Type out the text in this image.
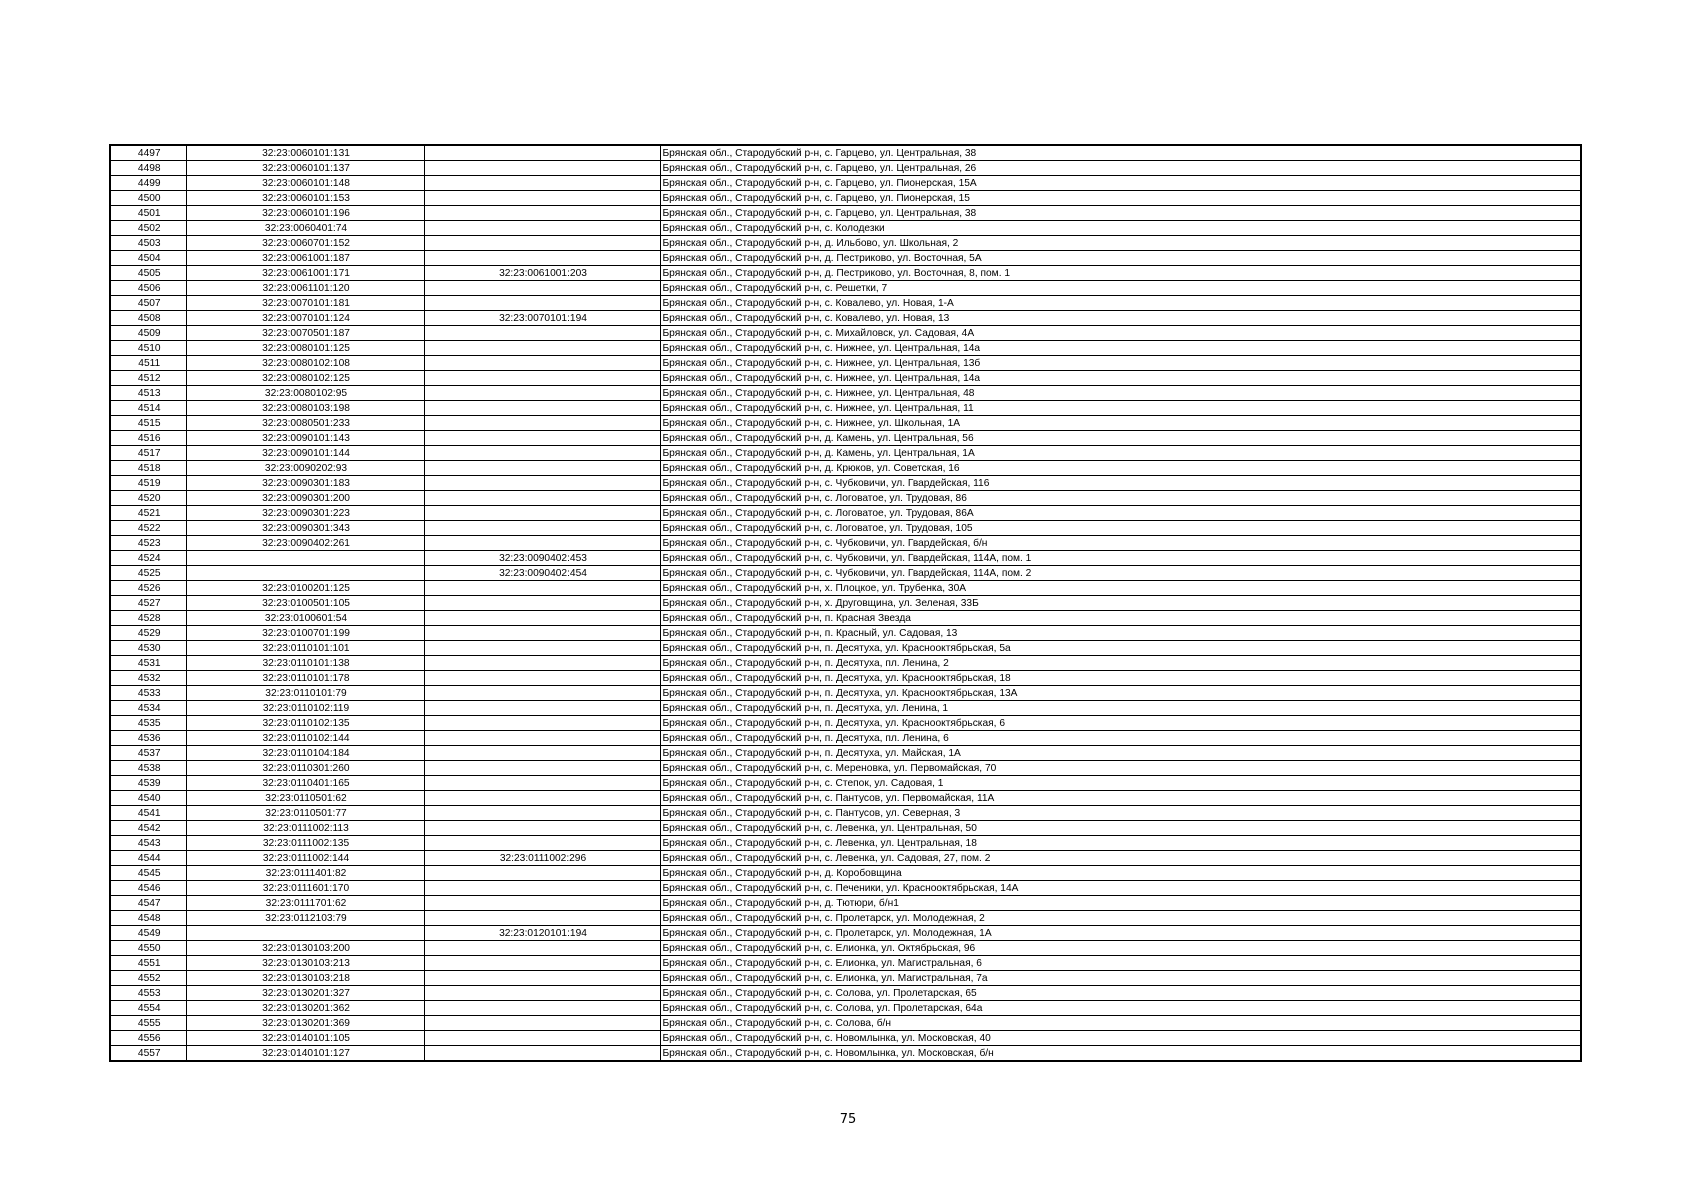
4497	32:23:0060101:131		Брянская обл., Стародубский р-н, с. Гарцево, ул. Центральная, 38
4498	32:23:0060101:137		Брянская обл., Стародубский р-н, с. Гарцево, ул. Центральная, 26
4499	32:23:0060101:148		Брянская обл., Стародубский р-н, с. Гарцево, ул. Пионерская, 15А
4500	32:23:0060101:153		Брянская обл., Стародубский р-н, с. Гарцево, ул. Пионерская, 15
4501	32:23:0060101:196		Брянская обл., Стародубский р-н, с. Гарцево, ул. Центральная, 38
4502	32:23:0060401:74		Брянская обл., Стародубский р-н, с. Колодезки
4503	32:23:0060701:152		Брянская обл., Стародубский р-н, д. Ильбово, ул. Школьная, 2
4504	32:23:0061001:187		Брянская обл., Стародубский р-н, д. Пестриково, ул. Восточная, 5А
4505	32:23:0061001:171	32:23:0061001:203	Брянская обл., Стародубский р-н, д. Пестриково, ул. Восточная, 8, пом. 1
4506	32:23:0061101:120		Брянская обл., Стародубский р-н, с. Решетки, 7
4507	32:23:0070101:181		Брянская обл., Стародубский р-н, с. Ковалево, ул. Новая, 1-А
4508	32:23:0070101:124	32:23:0070101:194	Брянская обл., Стародубский р-н, с. Ковалево, ул. Новая, 13
4509	32:23:0070501:187		Брянская обл., Стародубский р-н, с. Михайловск, ул. Садовая, 4А
4510	32:23:0080101:125		Брянская обл., Стародубский р-н, с. Нижнее, ул. Центральная, 14а
4511	32:23:0080102:108		Брянская обл., Стародубский р-н, с. Нижнее, ул. Центральная, 13б
4512	32:23:0080102:125		Брянская обл., Стародубский р-н, с. Нижнее, ул. Центральная, 14а
4513	32:23:0080102:95		Брянская обл., Стародубский р-н, с. Нижнее, ул. Центральная, 48
4514	32:23:0080103:198		Брянская обл., Стародубский р-н, с. Нижнее, ул. Центральная, 11
4515	32:23:0080501:233		Брянская обл., Стародубский р-н, с. Нижнее, ул. Школьная, 1А
4516	32:23:0090101:143		Брянская обл., Стародубский р-н, д. Камень, ул. Центральная, 56
4517	32:23:0090101:144		Брянская обл., Стародубский р-н, д. Камень, ул. Центральная, 1А
4518	32:23:0090202:93		Брянская обл., Стародубский р-н, д. Крюков, ул. Советская, 16
4519	32:23:0090301:183		Брянская обл., Стародубский р-н, с. Чубковичи, ул. Гвардейская, 116
4520	32:23:0090301:200		Брянская обл., Стародубский р-н, с. Логоватое, ул. Трудовая, 86
4521	32:23:0090301:223		Брянская обл., Стародубский р-н, с. Логоватое, ул. Трудовая, 86А
4522	32:23:0090301:343		Брянская обл., Стародубский р-н, с. Логоватое, ул. Трудовая, 105
4523	32:23:0090402:261		Брянская обл., Стародубский р-н, с. Чубковичи, ул. Гвардейская, б/н
4524		32:23:0090402:453	Брянская обл., Стародубский р-н, с. Чубковичи, ул. Гвардейская, 114А, пом. 1
4525		32:23:0090402:454	Брянская обл., Стародубский р-н, с. Чубковичи, ул. Гвардейская, 114А, пом. 2
4526	32:23:0100201:125		Брянская обл., Стародубский р-н, х. Плоцкое, ул. Трубенка, 30А
4527	32:23:0100501:105		Брянская обл., Стародубский р-н, х. Друговщина, ул. Зеленая, 33Б
4528	32:23:0100601:54		Брянская обл., Стародубский р-н, п. Красная Звезда
4529	32:23:0100701:199		Брянская обл., Стародубский р-н, п. Красный, ул. Садовая, 13
4530	32:23:0110101:101		Брянская обл., Стародубский р-н, п. Десятуха, ул. Краснооктябрьская, 5а
4531	32:23:0110101:138		Брянская обл., Стародубский р-н, п. Десятуха, пл. Ленина, 2
4532	32:23:0110101:178		Брянская обл., Стародубский р-н, п. Десятуха, ул. Краснооктябрьская, 18
4533	32:23:0110101:79		Брянская обл., Стародубский р-н, п. Десятуха, ул. Краснооктябрьская, 13А
4534	32:23:0110102:119		Брянская обл., Стародубский р-н, п. Десятуха, ул. Ленина, 1
4535	32:23:0110102:135		Брянская обл., Стародубский р-н, п. Десятуха, ул. Краснооктябрьская, 6
4536	32:23:0110102:144		Брянская обл., Стародубский р-н, п. Десятуха, пл. Ленина, 6
4537	32:23:0110104:184		Брянская обл., Стародубский р-н, п. Десятуха, ул. Майская, 1А
4538	32:23:0110301:260		Брянская обл., Стародубский р-н, с. Мереновка, ул. Первомайская, 70
4539	32:23:0110401:165		Брянская обл., Стародубский р-н, с. Степок, ул. Садовая, 1
4540	32:23:0110501:62		Брянская обл., Стародубский р-н, с. Пантусов, ул. Первомайская, 11А
4541	32:23:0110501:77		Брянская обл., Стародубский р-н, с. Пантусов, ул. Северная, 3
4542	32:23:0111002:113		Брянская обл., Стародубский р-н, с. Левенка, ул. Центральная, 50
4543	32:23:0111002:135		Брянская обл., Стародубский р-н, с. Левенка, ул. Центральная, 18
4544	32:23:0111002:144	32:23:0111002:296	Брянская обл., Стародубский р-н, с. Левенка, ул. Садовая, 27, пом. 2
4545	32:23:0111401:82		Брянская обл., Стародубский р-н, д. Коробовщина
4546	32:23:0111601:170		Брянская обл., Стародубский р-н, с. Печеники, ул. Краснооктябрьская, 14А
4547	32:23:0111701:62		Брянская обл., Стародубский р-н, д. Тютюри, б/н1
4548	32:23:0112103:79		Брянская обл., Стародубский р-н, с. Пролетарск, ул. Молодежная, 2
4549		32:23:0120101:194	Брянская обл., Стародубский р-н, с. Пролетарск, ул. Молодежная, 1А
4550	32:23:0130103:200		Брянская обл., Стародубский р-н, с. Елионка, ул. Октябрьская, 96
4551	32:23:0130103:213		Брянская обл., Стародубский р-н, с. Елионка, ул. Магистральная, 6
4552	32:23:0130103:218		Брянская обл., Стародубский р-н, с. Елионка, ул. Магистральная, 7а
4553	32:23:0130201:327		Брянская обл., Стародубский р-н, с. Солова, ул. Пролетарская, 65
4554	32:23:0130201:362		Брянская обл., Стародубский р-н, с. Солова, ул. Пролетарская, 64а
4555	32:23:0130201:369		Брянская обл., Стародубский р-н, с. Солова, б/н
4556	32:23:0140101:105		Брянская обл., Стародубский р-н, с. Новомлынка, ул. Московская, 40
4557	32:23:0140101:127		Брянская обл., Стародубский р-н, с. Новомлынка, ул. Московская, б/н
75
